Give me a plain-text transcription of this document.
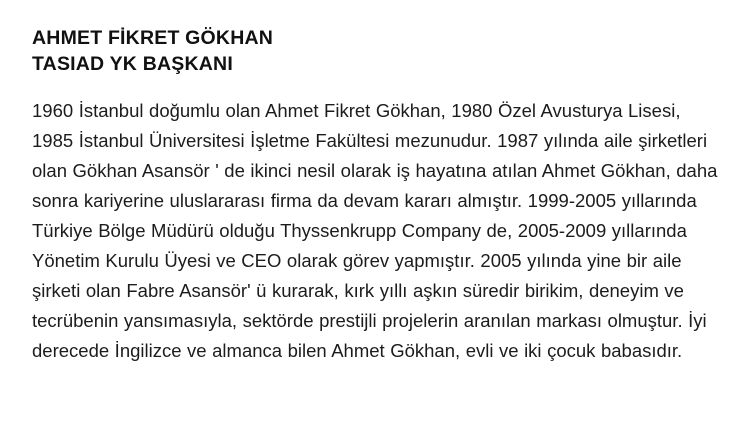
AHMET FİKRET GÖKHAN
TASIAD YK BAŞKANI

1960 İstanbul doğumlu olan Ahmet Fikret Gökhan, 1980 Özel Avusturya Lisesi, 1985 İstanbul Üniversitesi İşletme Fakültesi mezunudur. 1987 yılında aile şirketleri olan Gökhan Asansör ' de ikinci nesil olarak iş hayatına atılan Ahmet Gökhan, daha sonra kariyerine uluslararası firma da devam kararı almıştır. 1999-2005 yıllarında Türkiye Bölge Müdürü olduğu Thyssenkrupp Company de, 2005-2009 yıllarında Yönetim Kurulu Üyesi ve CEO olarak görev yapmıştır. 2005 yılında yine bir aile şirketi olan Fabre Asansör' ü kurarak, kırk yıllı aşkın süredir birikim, deneyim ve tecrübenin yansımasıyla, sektörde prestijli projelerin aranılan markası olmuştur. İyi derecede İngilizce ve almanca bilen Ahmet Gökhan, evli ve iki çocuk babasıdır.
